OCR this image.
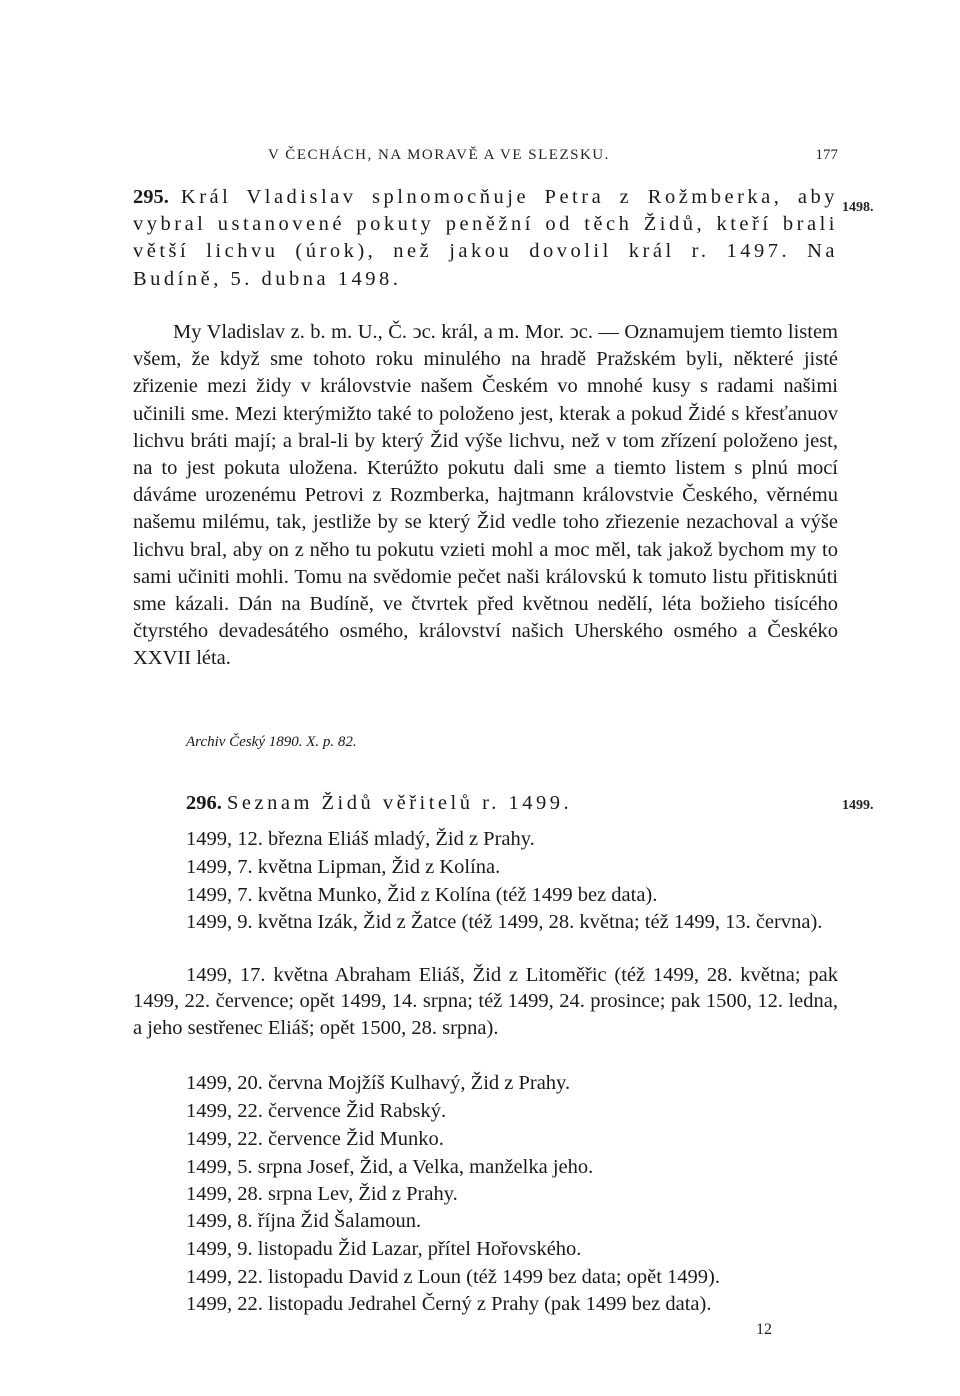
V ČECHÁCH, NA MORAVĚ A VE SLEZSKU.	177
1498.
295. Král Vladislav splnomocňuje Petra z Rožmberka, aby vybral ustanovené pokuty peněžní od těch Židů, kteří brali větší lichvu (úrok), než jakou dovolil král r. 1497. Na Budíně, 5. dubna 1498.
My Vladislav z. b. m. U., Č. ↄc. král, a m. Mor. ↄc. — Oznamujem tiemto listem všem, že když sme tohoto roku minulého na hradě Pražském byli, některé jisté zřizenie mezi židy v královstvie našem Českém vo mnohé kusy s radami našimi učinili sme. Mezi kterýmižto také to položeno jest, kterak a pokud Židé s křesťanuov lichvu bráti mají; a bral-li by který Žid výše lichvu, než v tom zřízení položeno jest, na to jest pokuta uložena. Kterúžto pokutu dali sme a tiemto listem s plnú mocí dáváme urozenému Petrovi z Rozmberka, hajtmann královstvie Českého, věrnému našemu milému, tak, jestliže by se který Žid vedle toho zřiezenie nezachoval a výše lichvu bral, aby on z něho tu pokutu vzieti mohl a moc měl, tak jakož bychom my to sami učiniti mohli. Tomu na svědomie pečet naši královskú k tomuto listu přitisknúti sme kázali. Dán na Budíně, ve čtvrtek před květnou nedělí, léta božieho tisícého čtyrstého devadesátého osmého, království našich Uherského osmého a Českéko XXVII léta.
Archiv Český 1890. X. p. 82.
1499.
296. Seznam Židů věřitelů r. 1499.
1499, 12. března Eliáš mladý, Žid z Prahy.
1499, 7. května Lipman, Žid z Kolína.
1499, 7. května Munko, Žid z Kolína (též 1499 bez data).
1499, 9. května Izák, Žid z Žatce (též 1499, 28. května; též 1499, 13. června).
1499, 17. května Abraham Eliáš, Žid z Litoměřic (též 1499, 28. května; pak 1499, 22. července; opět 1499, 14. srpna; též 1499, 24. prosince; pak 1500, 12. ledna, a jeho sestřenec Eliáš; opět 1500, 28. srpna).
1499, 20. června Mojžíš Kulhavý, Žid z Prahy.
1499, 22. července Žid Rabský.
1499, 22. července Žid Munko.
1499, 5. srpna Josef, Žid, a Velka, manželka jeho.
1499, 28. srpna Lev, Žid z Prahy.
1499, 8. října Žid Šalamoun.
1499, 9. listopadu Žid Lazar, přítel Hořovského.
1499, 22. listopadu David z Loun (též 1499 bez data; opět 1499).
1499, 22. listopadu Jedrahel Černý z Prahy (pak 1499 bez data).
12
